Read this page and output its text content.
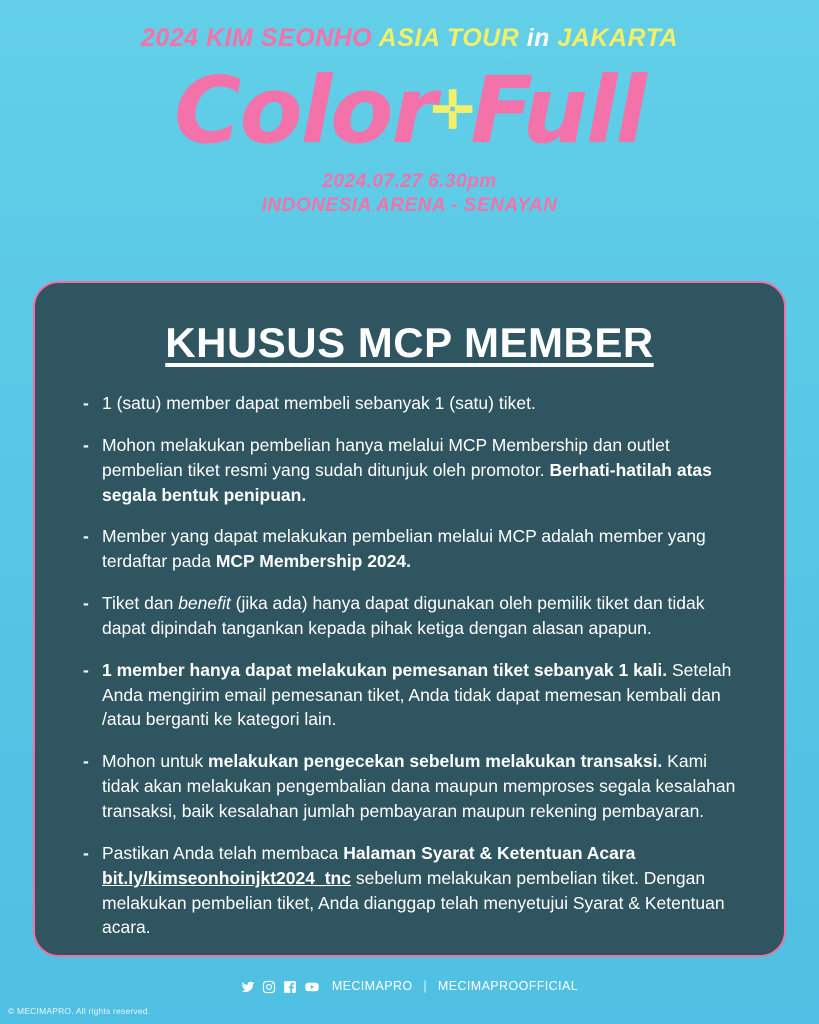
2024 KIM SEONHO ASIA TOUR in JAKARTA
Color✛Full
2024.07.27 6.30pm
INDONESIA ARENA - SENAYAN
KHUSUS MCP MEMBER
- 1 (satu) member dapat membeli sebanyak 1 (satu) tiket.
- Mohon melakukan pembelian hanya melalui MCP Membership dan outlet pembelian tiket resmi yang sudah ditunjuk oleh promotor. Berhati-hatilah atas segala bentuk penipuan.
- Member yang dapat melakukan pembelian melalui MCP adalah member yang terdaftar pada MCP Membership 2024.
- Tiket dan benefit (jika ada) hanya dapat digunakan oleh pemilik tiket dan tidak dapat dipindah tangankan kepada pihak ketiga dengan alasan apapun.
- 1 member hanya dapat melakukan pemesanan tiket sebanyak 1 kali. Setelah Anda mengirim email pemesanan tiket, Anda tidak dapat memesan kembali dan /atau berganti ke kategori lain.
- Mohon untuk melakukan pengecekan sebelum melakukan transaksi. Kami tidak akan melakukan pengembalian dana maupun memproses segala kesalahan transaksi, baik kesalahan jumlah pembayaran maupun rekening pembayaran.
- Pastikan Anda telah membaca Halaman Syarat & Ketentuan Acara bit.ly/kimseonhoinjkt2024_tnc sebelum melakukan pembelian tiket. Dengan melakukan pembelian tiket, Anda dianggap telah menyetujui Syarat & Ketentuan acara.
MECIMAPRO | MECIMAPROOFFICIAL
© MECIMAPRO. All rights reserved.
